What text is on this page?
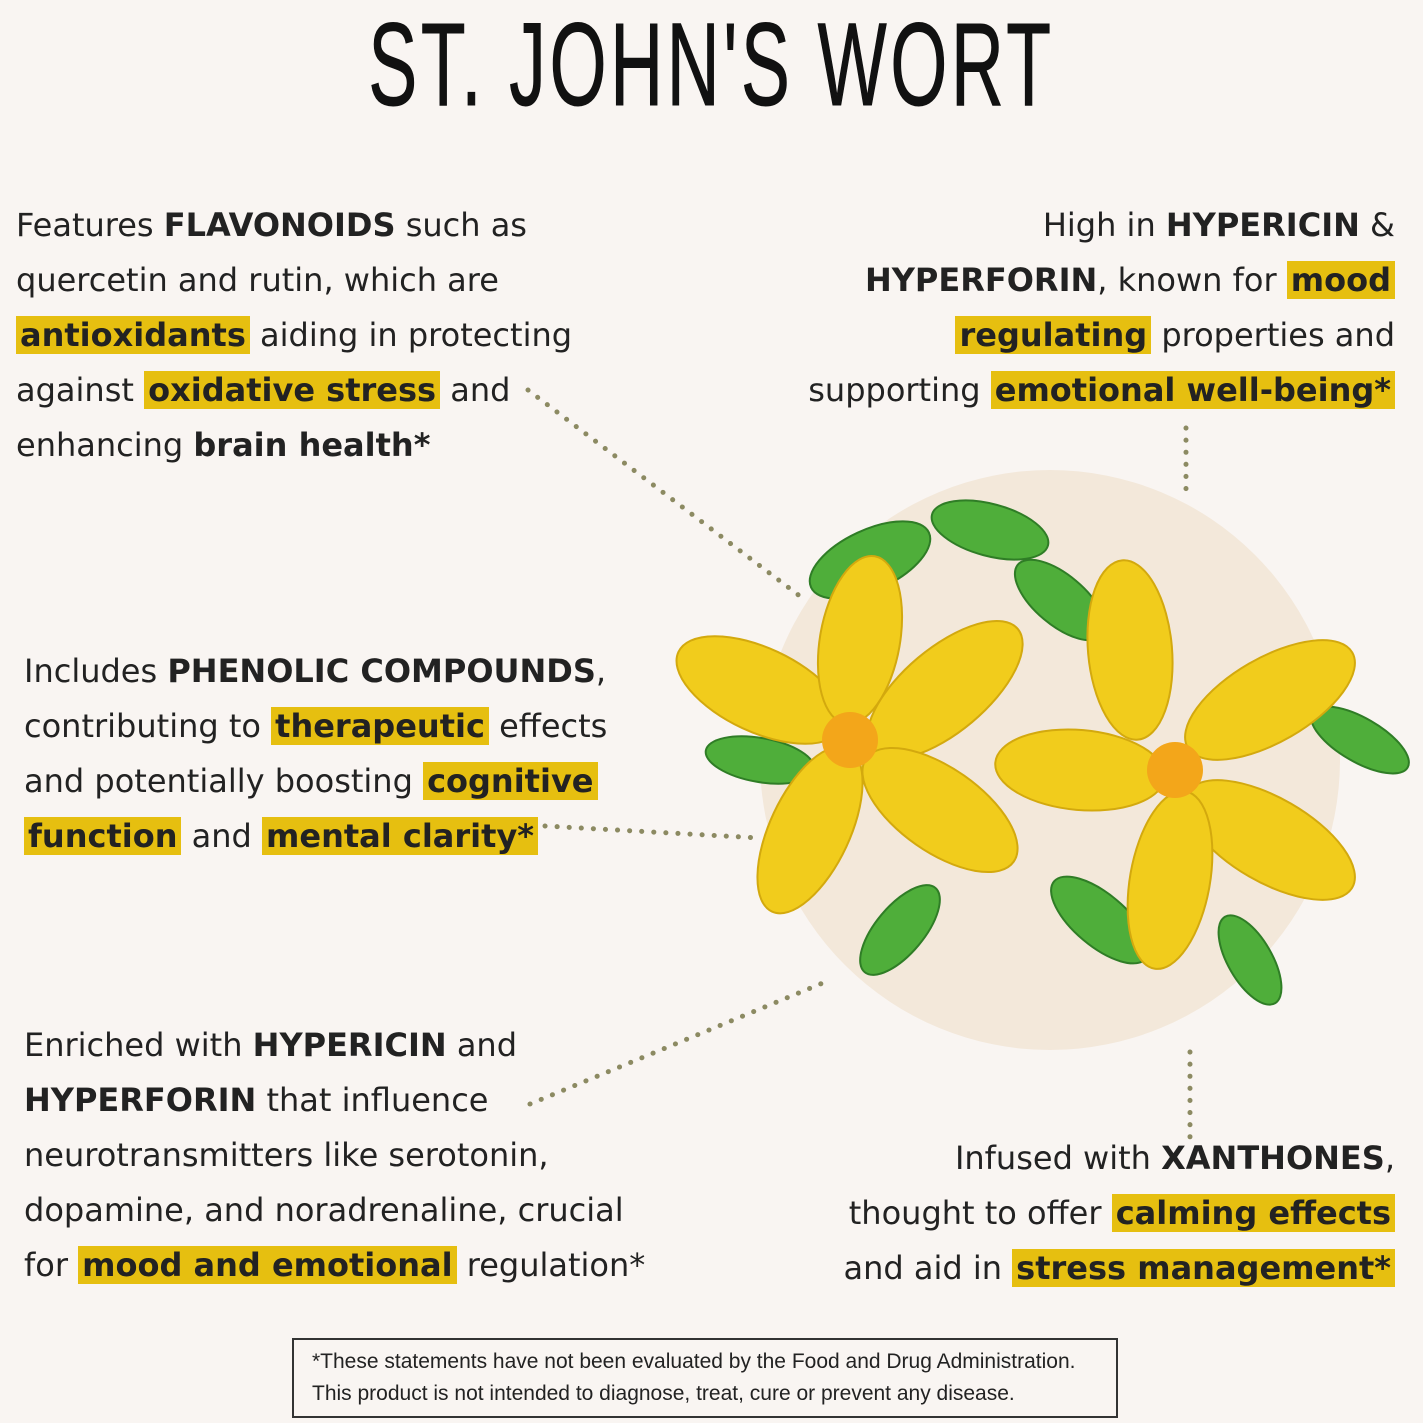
ST. JOHN'S WORT
Features FLAVONOIDS such as
quercetin and rutin, which are
antioxidants aiding in protecting
against oxidative stress and
enhancing brain health*
High in HYPERICIN &
HYPERFORIN, known for mood
regulating properties and
supporting emotional well-being*
Includes PHENOLIC COMPOUNDS,
contributing to therapeutic effects
and potentially boosting cognitive
function and mental clarity*
Enriched with HYPERICIN and
HYPERFORIN that influence
neurotransmitters like serotonin,
dopamine, and noradrenaline, crucial
for mood and emotional regulation*
Infused with XANTHONES,
thought to offer calming effects
and aid in stress management*
*These statements have not been evaluated by the Food and Drug Administration.
This product is not intended to diagnose, treat, cure or prevent any disease.
